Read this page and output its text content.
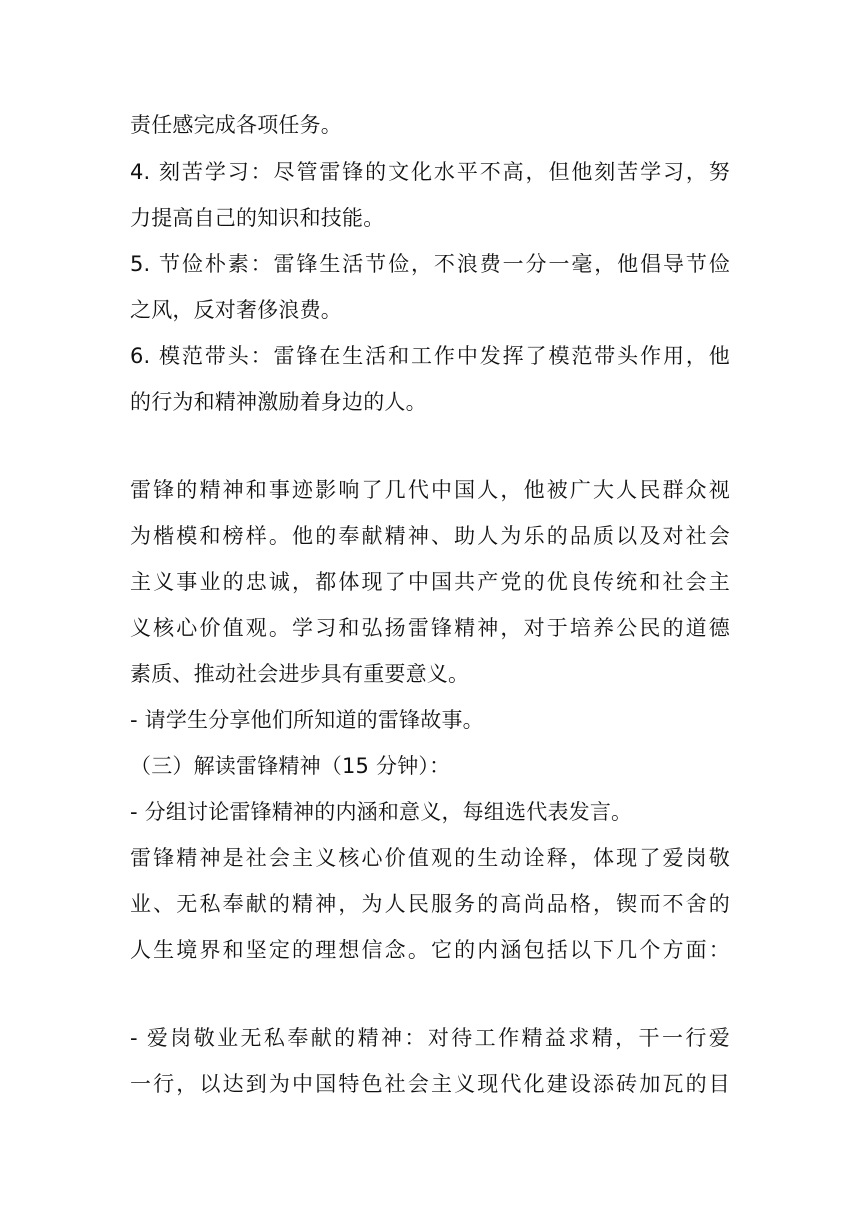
责任感完成各项任务。
4. 刻苦学习：尽管雷锋的文化水平不高，但他刻苦学习，努
力提高自己的知识和技能。
5. 节俭朴素：雷锋生活节俭，不浪费一分一毫，他倡导节俭
之风，反对奢侈浪费。
6. 模范带头：雷锋在生活和工作中发挥了模范带头作用，他
的行为和精神激励着身边的人。
雷锋的精神和事迹影响了几代中国人，他被广大人民群众视
为楷模和榜样。他的奉献精神、助人为乐的品质以及对社会
主义事业的忠诚，都体现了中国共产党的优良传统和社会主
义核心价值观。学习和弘扬雷锋精神，对于培养公民的道德
素质、推动社会进步具有重要意义。
- 请学生分享他们所知道的雷锋故事。
（三）解读雷锋精神（15 分钟）：
- 分组讨论雷锋精神的内涵和意义，每组选代表发言。
雷锋精神是社会主义核心价值观的生动诠释，体现了爱岗敬
业、无私奉献的精神，为人民服务的高尚品格，锲而不舍的
人生境界和坚定的理想信念。它的内涵包括以下几个方面：
- 爱岗敬业无私奉献的精神：对待工作精益求精，干一行爱
一行，以达到为中国特色社会主义现代化建设添砖加瓦的目
